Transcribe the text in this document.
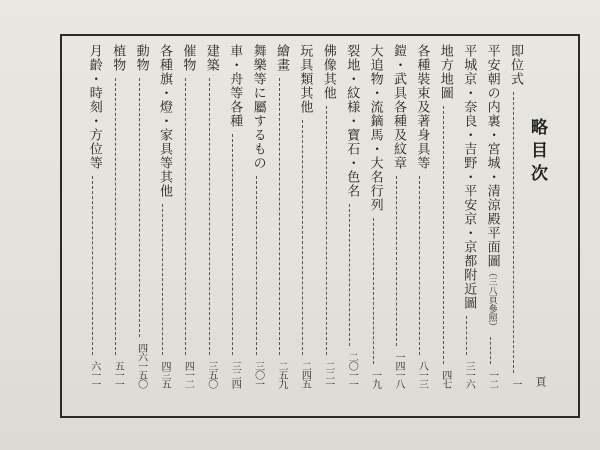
略目次
頁
即位式
一
平安朝の内裏・宮城・清涼殿平面圖（三八頁參照）
一二
平城京・奈良・吉野・平安京・京都附近圖
三一六
地方地圖
四七
各種裝束及著身具等
八一三
鎧・武具各種及紋章
一四一八
大追物・流鏑馬・大名行列
一九
裂地・紋様・寶石・色名
二〇一一
佛像其他
二二一
玩具類其他
二四五
繪畫
二五九
舞樂等に屬するもの
三〇一
車・舟等各種
三二四
建築
三五〇
催物
四一二
各種旗・燈・家具等其他
四三五
動物
四六一五〇
植物
五一一
月齡・時刻・方位等
六一一
